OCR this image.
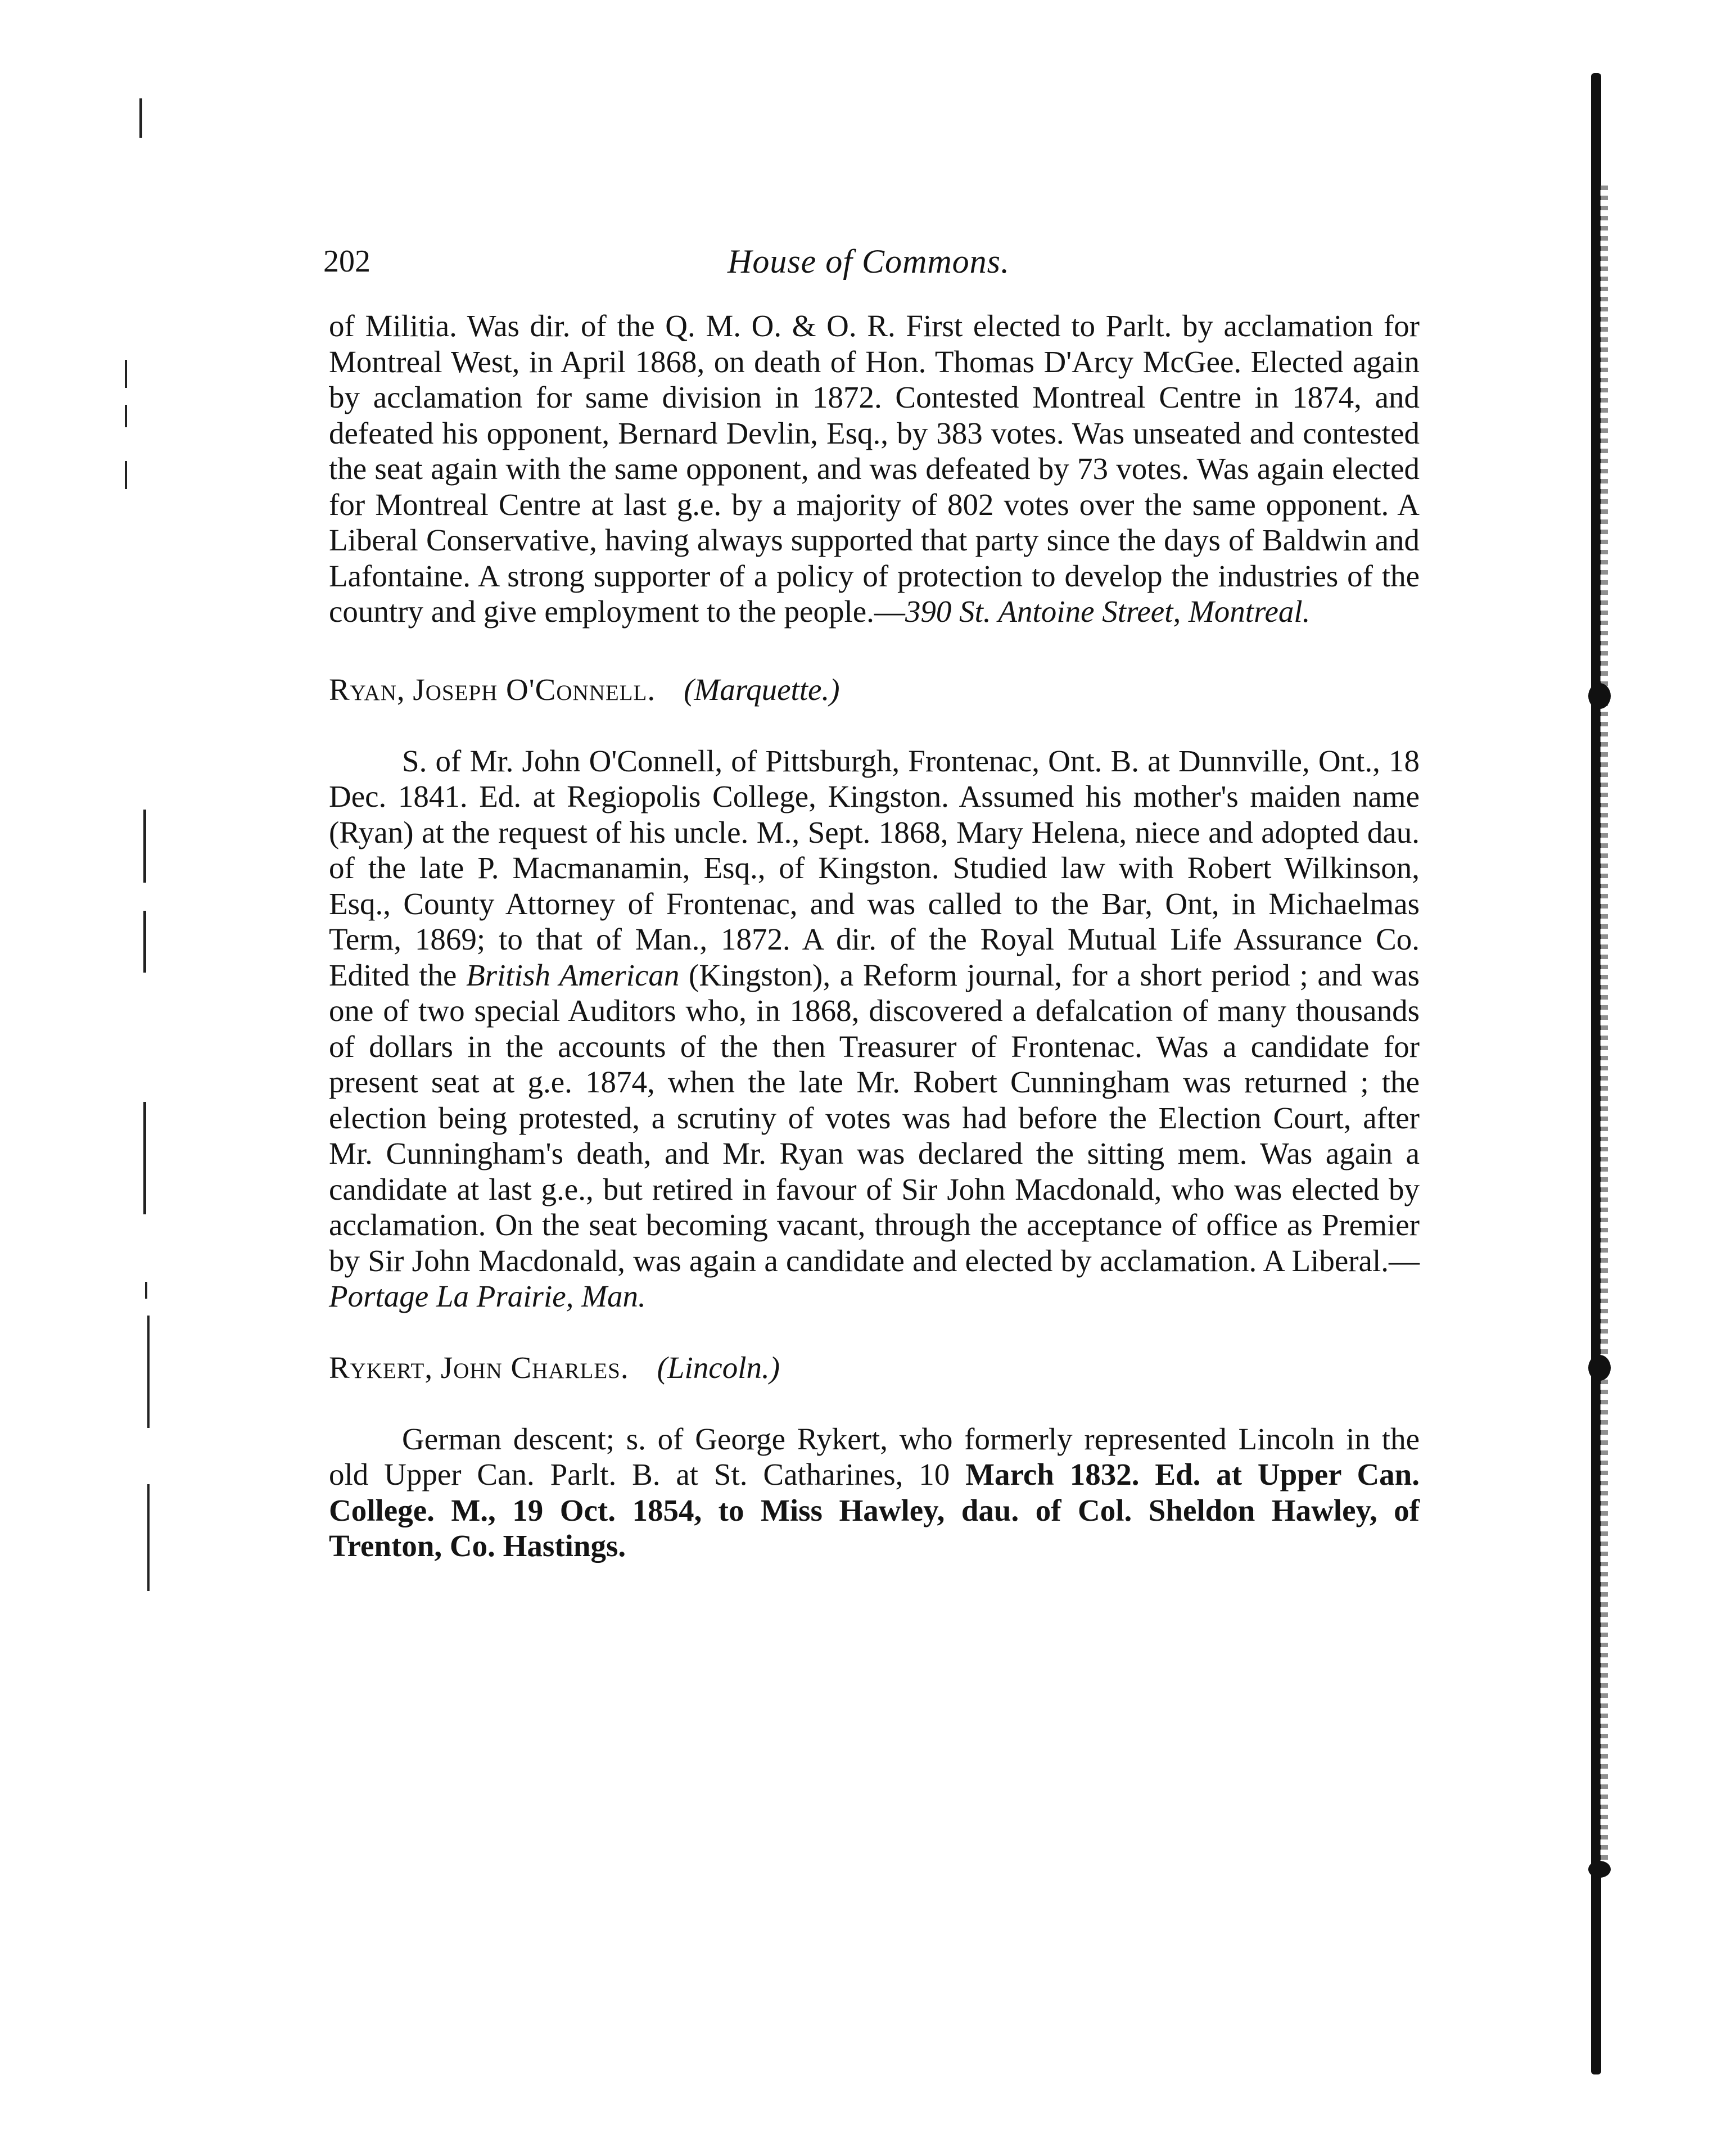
202	House of Commons.

of Militia. Was dir. of the Q. M. O. & O. R. First elected to Parlt. by acclamation for Montreal West, in April 1868, on death of Hon. Thomas D'Arcy McGee. Elected again by acclamation for same division in 1872. Contested Montreal Centre in 1874, and defeated his opponent, Bernard Devlin, Esq., by 383 votes. Was unseated and contested the seat again with the same opponent, and was defeated by 73 votes. Was again elected for Montreal Centre at last g.e. by a majority of 802 votes over the same opponent. A Liberal Conservative, having always supported that party since the days of Baldwin and Lafontaine. A strong supporter of a policy of protection to develop the industries of the country and give employment to the people.—390 St. Antoine Street, Montreal.

Ryan, Joseph O'Connell. (Marquette.)

S. of Mr. John O'Connell, of Pittsburgh, Frontenac, Ont. B. at Dunnville, Ont., 18 Dec. 1841. Ed. at Regiopolis College, Kingston. Assumed his mother's maiden name (Ryan) at the request of his uncle. M., Sept. 1868, Mary Helena, niece and adopted dau. of the late P. Macmanamin, Esq., of Kingston. Studied law with Robert Wilkinson, Esq., County Attorney of Frontenac, and was called to the Bar, Ont, in Michaelmas Term, 1869; to that of Man., 1872. A dir. of the Royal Mutual Life Assurance Co. Edited the British American (Kingston), a Reform journal, for a short period ; and was one of two special Auditors who, in 1868, discovered a defalcation of many thousands of dollars in the accounts of the then Treasurer of Frontenac. Was a candidate for present seat at g.e. 1874, when the late Mr. Robert Cunningham was returned ; the election being protested, a scrutiny of votes was had before the Election Court, after Mr. Cunningham's death, and Mr. Ryan was declared the sitting mem. Was again a candidate at last g.e., but retired in favour of Sir John Macdonald, who was elected by acclamation. On the seat becoming vacant, through the acceptance of office as Premier by Sir John Macdonald, was again a candidate and elected by acclamation. A Liberal.—Portage La Prairie, Man.

Rykert, John Charles. (Lincoln.)

German descent; s. of George Rykert, who formerly represented Lincoln in the old Upper Can. Parlt. B. at St. Catharines, 10 March 1832. Ed. at Upper Can. College. M., 19 Oct. 1854, to Miss Hawley, dau. of Col. Sheldon Hawley, of Trenton, Co. Hastings.
